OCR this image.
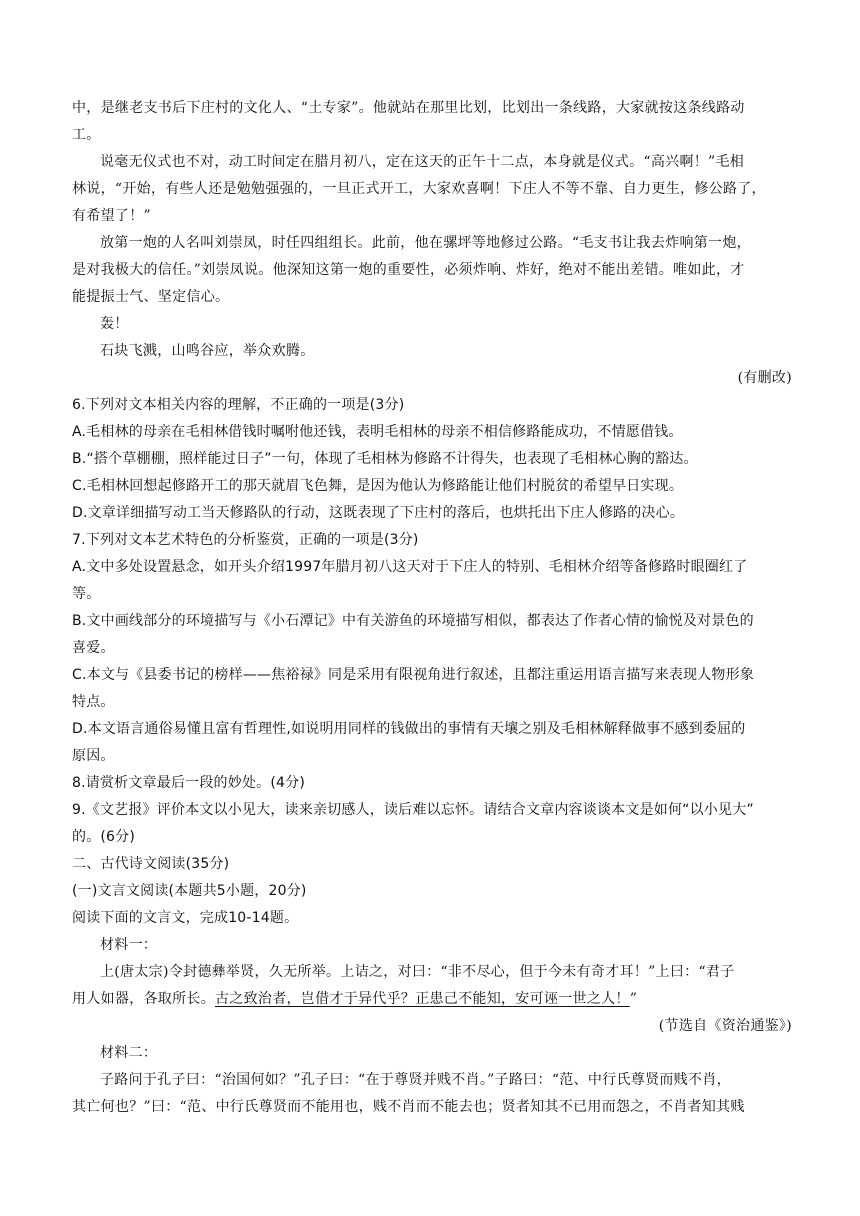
中，是继老支书后下庄村的文化人、“土专家”。他就站在那里比划，比划出一条线路，大家就按这条线路动
工。
说毫无仪式也不对，动工时间定在腊月初八，定在这天的正午十二点，本身就是仪式。“高兴啊！”毛相
林说，“开始，有些人还是勉勉强强的，一旦正式开工，大家欢喜啊！下庄人不等不靠、自力更生，修公路了，
有希望了！”
放第一炮的人名叫刘崇凤，时任四组组长。此前，他在骡坪等地修过公路。“毛支书让我去炸响第一炮，
是对我极大的信任。”刘崇凤说。他深知这第一炮的重要性，必须炸响、炸好，绝对不能出差错。唯如此，才
能提振士气、坚定信心。
轰！
石块飞溅，山鸣谷应，举众欢腾。
(有删改)
6.下列对文本相关内容的理解，不正确的一项是(3分)
A.毛相林的母亲在毛相林借钱时嘱咐他还钱，表明毛相林的母亲不相信修路能成功，不情愿借钱。
B.“搭个草棚棚，照样能过日子”一句，体现了毛相林为修路不计得失，也表现了毛相林心胸的豁达。
C.毛相林回想起修路开工的那天就眉飞色舞，是因为他认为修路能让他们村脱贫的希望早日实现。
D.文章详细描写动工当天修路队的行动，这既表现了下庄村的落后，也烘托出下庄人修路的决心。
7.下列对文本艺术特色的分析鉴赏，正确的一项是(3分)
A.文中多处设置悬念，如开头介绍1997年腊月初八这天对于下庄人的特别、毛相林介绍等备修路时眼圈红了
等。
B.文中画线部分的环境描写与《小石潭记》中有关游鱼的环境描写相似，都表达了作者心情的愉悦及对景色的
喜爱。
C.本文与《县委书记的榜样——焦裕禄》同是采用有限视角进行叙述，且都注重运用语言描写来表现人物形象
特点。
D.本文语言通俗易懂且富有哲理性,如说明用同样的钱做出的事情有天壤之别及毛相林解释做事不感到委屈的
原因。
8.请赏析文章最后一段的妙处。(4分)
9.《文艺报》评价本文以小见大，读来亲切感人，读后难以忘怀。请结合文章内容谈谈本文是如何“以小见大”
的。(6分)
二、古代诗文阅读(35分)
(一)文言文阅读(本题共5小题，20分)
阅读下面的文言文，完成10-14题。
材料一：
上(唐太宗)令封德彝举贤，久无所举。上诘之，对曰：“非不尽心，但于今未有奇才耳！”上曰：“君子
用人如器，各取所长。古之致治者，岂借才于异代乎？正患己不能知，安可诬一世之人！”
(节选自《资治通鉴》)
材料二：
子路问于孔子曰：“治国何如？”孔子曰：“在于尊贤并贱不肖。”子路曰：“范、中行氏尊贤而贱不肖，
其亡何也？”曰：“范、中行氏尊贤而不能用也，贱不肖而不能去也；贤者知其不已用而怨之，不肖者知其贱
